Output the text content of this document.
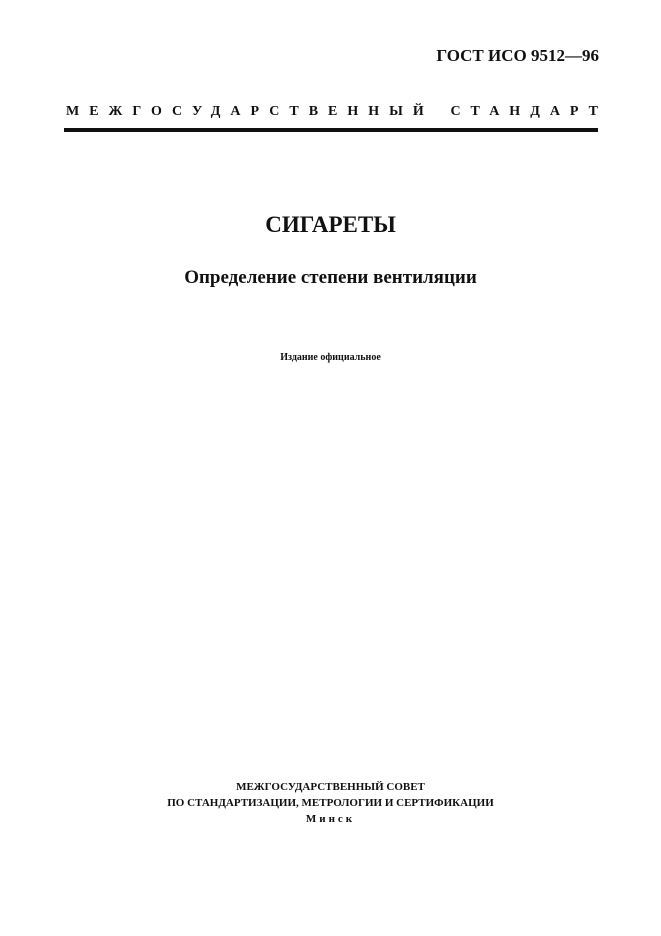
ГОСТ ИСО 9512—96
МЕЖГОСУДАРСТВЕННЫЙ СТАНДАРТ
СИГАРЕТЫ
Определение степени вентиляции
Издание официальное
МЕЖГОСУДАРСТВЕННЫЙ СОВЕТ
ПО СТАНДАРТИЗАЦИИ, МЕТРОЛОГИИ И СЕРТИФИКАЦИИ
Минск
